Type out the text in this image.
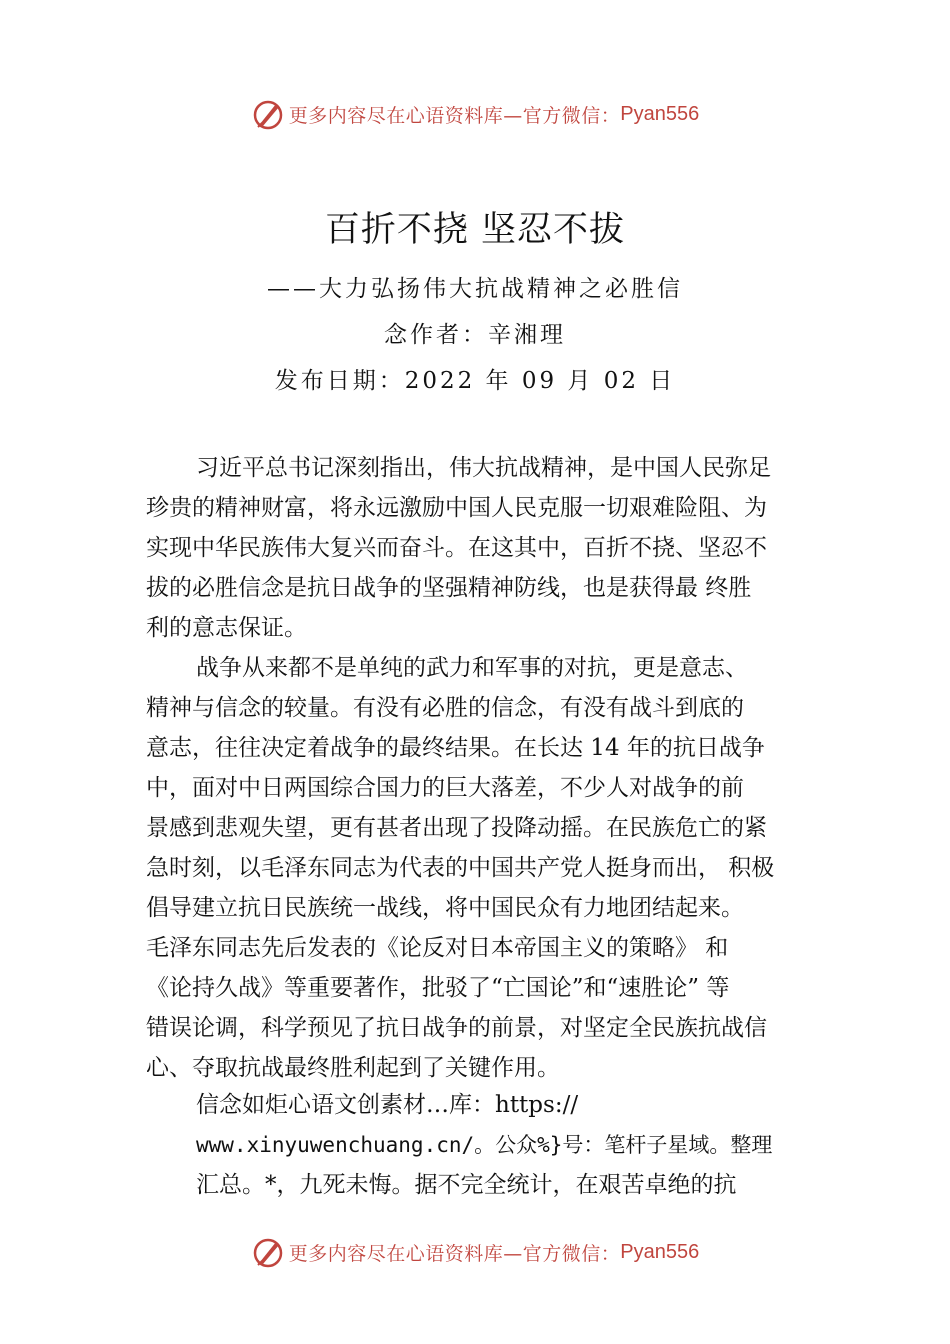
更多内容尽在心语资料库—官方微信： Pyan556
百折不挠 坚忍不拔
——大力弘扬伟大抗战精神之必胜信
念作者：辛湘理
发布日期：2022 年 09 月 02 日

习近平总书记深刻指出，伟大抗战精神，是中国人民弥足
珍贵的精神财富，将永远激励中国人民克服一切艰难险阻、为
实现中华民族伟大复兴而奋斗。在这其中，百折不挠、坚忍不
拔的必胜信念是抗日战争的坚强精神防线，也是获得最 终胜
利的意志保证。

战争从来都不是单纯的武力和军事的对抗，更是意志、
精神与信念的较量。有没有必胜的信念，有没有战斗到底的
意志，往往决定着战争的最终结果。在长达 14 年的抗日战争
中，面对中日两国综合国力的巨大落差，不少人对战争的前
景感到悲观失望，更有甚者出现了投降动摇。在民族危亡的紧
急时刻，以毛泽东同志为代表的中国共产党人挺身而出， 积极
倡导建立抗日民族统一战线，将中国民众有力地团结起来。
毛泽东同志先后发表的《论反对日本帝国主义的策略》 和
《论持久战》等重要著作，批驳了“亡国论”和“速胜论” 等
错误论调，科学预见了抗日战争的前景，对坚定全民族抗战信
心、夺取抗战最终胜利起到了关键作用。

信念如炬心语文创素材…库：https://
www.xinyuwenchuang.cn/。公众%}号：笔杆子星域。整理
汇总。*，九死未悔。据不完全统计，在艰苦卓绝的抗

更多内容尽在心语资料库—官方微信： Pyan556
